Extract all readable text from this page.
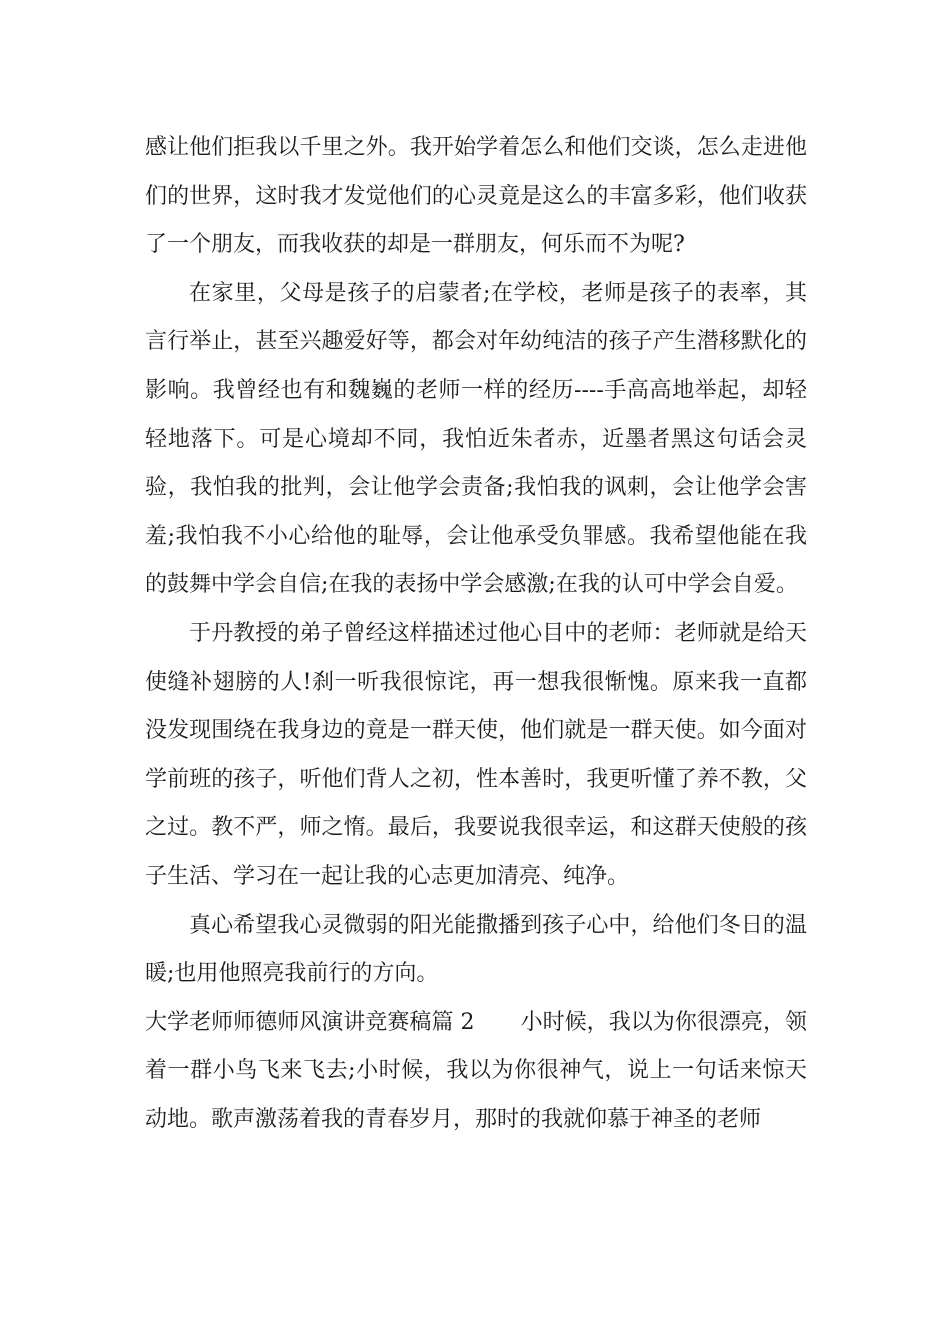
感让他们拒我以千里之外。我开始学着怎么和他们交谈，怎么走进他们的世界，这时我才发觉他们的心灵竟是这么的丰富多彩，他们收获了一个朋友，而我收获的却是一群朋友，何乐而不为呢?

在家里，父母是孩子的启蒙者;在学校，老师是孩子的表率，其言行举止，甚至兴趣爱好等，都会对年幼纯洁的孩子产生潜移默化的影响。我曾经也有和魏巍的老师一样的经历----手高高地举起，却轻轻地落下。可是心境却不同，我怕近朱者赤，近墨者黑这句话会灵验，我怕我的批判，会让他学会责备;我怕我的讽刺，会让他学会害羞;我怕我不小心给他的耻辱，会让他承受负罪感。我希望他能在我的鼓舞中学会自信;在我的表扬中学会感激;在我的认可中学会自爱。

于丹教授的弟子曾经这样描述过他心目中的老师：老师就是给天使缝补翅膀的人!刹一听我很惊诧，再一想我很惭愧。原来我一直都没发现围绕在我身边的竟是一群天使，他们就是一群天使。如今面对学前班的孩子，听他们背人之初，性本善时，我更听懂了养不教，父之过。教不严，师之惰。最后，我要说我很幸运，和这群天使般的孩子生活、学习在一起让我的心志更加清亮、纯净。

真心希望我心灵微弱的阳光能撒播到孩子心中，给他们冬日的温暖;也用他照亮我前行的方向。

大学老师师德师风演讲竞赛稿篇 2 小时候，我以为你很漂亮，领着一群小鸟飞来飞去;小时候，我以为你很神气，说上一句话来惊天动地。歌声激荡着我的青春岁月，那时的我就仰慕于神圣的老师
